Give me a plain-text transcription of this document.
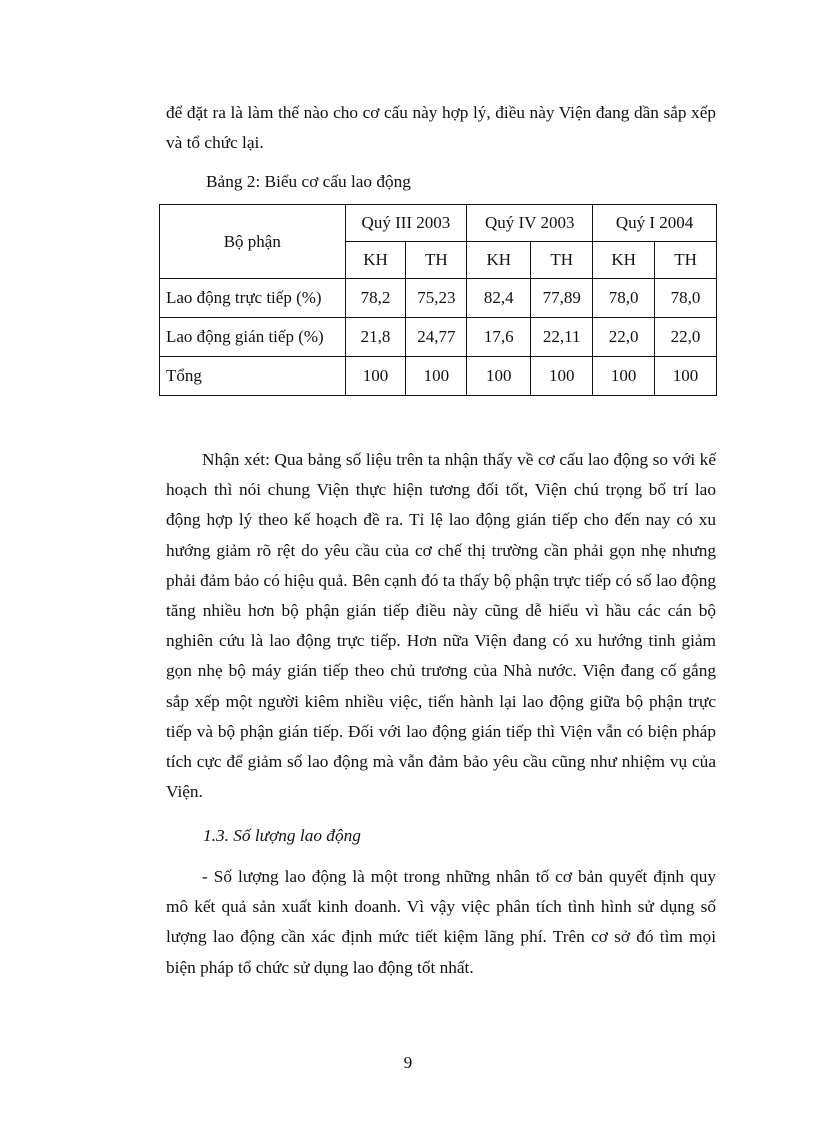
để đặt ra là làm thế nào cho cơ cấu này hợp lý, điều này Viện đang dần sắp xếp và tổ chức lại.
Bảng 2: Biểu cơ cấu lao động
Bộ phận	Quý III 2003		Quý IV 2003		Quý I 2004	
	KH	TH	KH	TH	KH	TH
Lao động trực tiếp (%)	78,2	75,23	82,4	77,89	78,0	78,0
Lao động gián tiếp (%)	21,8	24,77	17,6	22,11	22,0	22,0
Tổng	100	100	100	100	100	100
Nhận xét: Qua bảng số liệu trên ta nhận thấy về cơ cấu lao động so với kế hoạch thì nói chung Viện thực hiện tương đối tốt, Viện chú trọng bố trí lao động hợp lý theo kế hoạch đề ra. Tỉ lệ lao động gián tiếp cho đến nay có xu hướng giảm rõ rệt do yêu cầu của cơ chế thị trường cần phải gọn nhẹ nhưng phải đảm bảo có hiệu quả. Bên cạnh đó ta thấy bộ phận trực tiếp có số lao động tăng nhiều hơn bộ phận gián tiếp điều này cũng dễ hiểu vì hầu các cán bộ nghiên cứu là lao động trực tiếp. Hơn nữa Viện đang có xu hướng tinh giảm gọn nhẹ bộ máy gián tiếp theo chủ trương của Nhà nước. Viện đang cố gắng sắp xếp một người kiêm nhiều việc, tiến hành lại lao động giữa bộ phận trực tiếp và bộ phận gián tiếp. Đối với lao động gián tiếp thì Viện vẫn có biện pháp tích cực để giảm số lao động mà vẫn đảm bảo yêu cầu cũng như nhiệm vụ của Viện.
1.3. Số lượng lao động
- Số lượng lao động là một trong những nhân tố cơ bản quyết định quy mô kết quả sản xuất kinh doanh. Vì vậy việc phân tích tình hình sử dụng số lượng lao động cần xác định mức tiết kiệm lãng phí. Trên cơ sở đó tìm mọi biện pháp tổ chức sử dụng lao động tốt nhất.
9
